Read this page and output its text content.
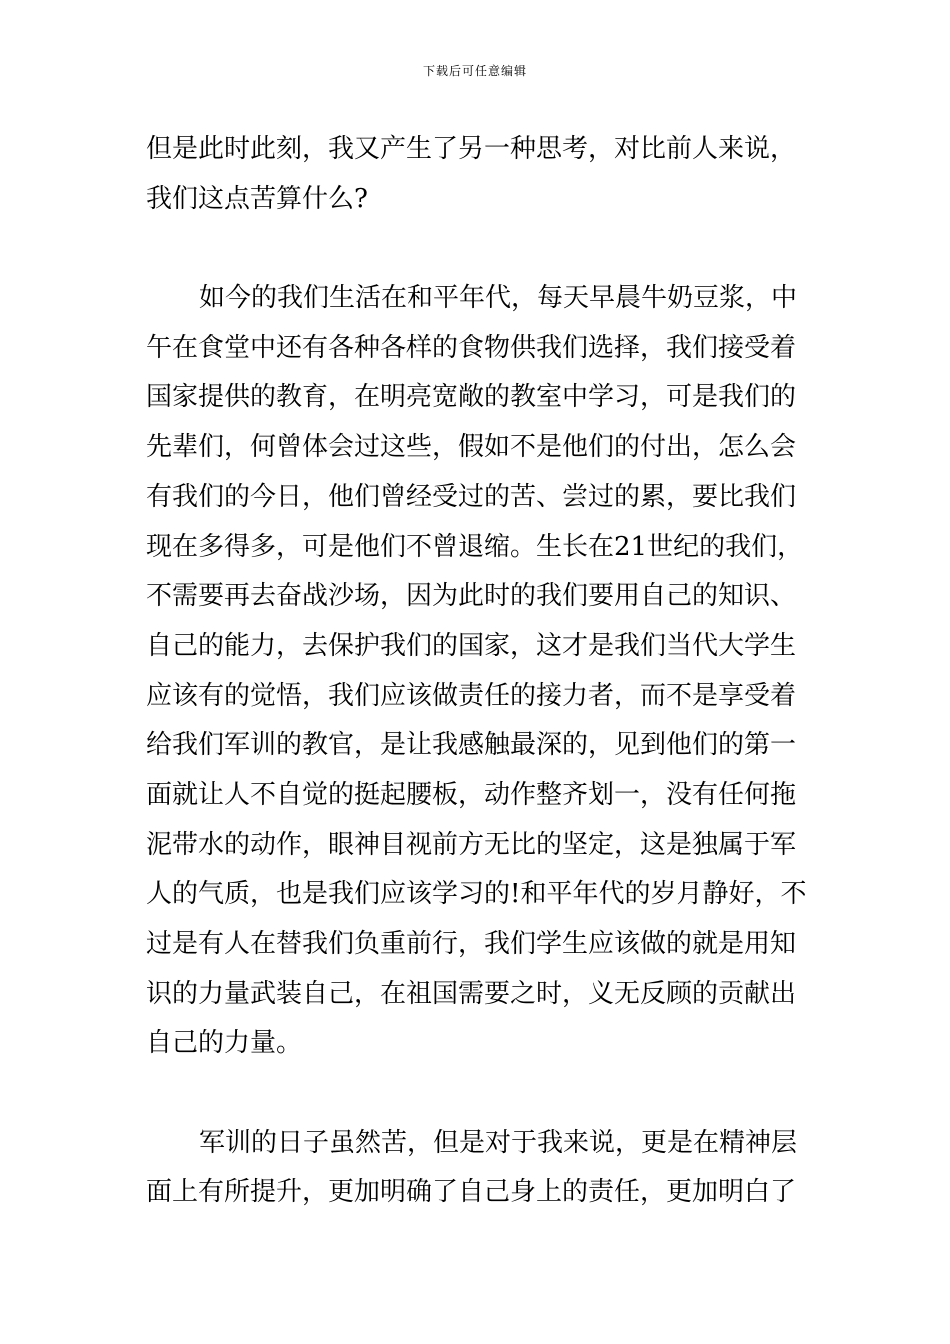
下载后可任意编辑
但是此时此刻，我又产生了另一种思考，对比前人来说，
我们这点苦算什么?
如今的我们生活在和平年代，每天早晨牛奶豆浆，中
午在食堂中还有各种各样的食物供我们选择，我们接受着
国家提供的教育，在明亮宽敞的教室中学习，可是我们的
先辈们，何曾体会过这些，假如不是他们的付出，怎么会
有我们的今日，他们曾经受过的苦、尝过的累，要比我们
现在多得多，可是他们不曾退缩。生长在21世纪的我们，
不需要再去奋战沙场，因为此时的我们要用自己的知识、
自己的能力，去保护我们的国家，这才是我们当代大学生
应该有的觉悟，我们应该做责任的接力者，而不是享受着
给我们军训的教官，是让我感触最深的，见到他们的第一
面就让人不自觉的挺起腰板，动作整齐划一，没有任何拖
泥带水的动作，眼神目视前方无比的坚定，这是独属于军
人的气质，也是我们应该学习的!和平年代的岁月静好，不
过是有人在替我们负重前行，我们学生应该做的就是用知
识的力量武装自己，在祖国需要之时，义无反顾的贡献出
自己的力量。
军训的日子虽然苦，但是对于我来说，更是在精神层
面上有所提升，更加明确了自己身上的责任，更加明白了
